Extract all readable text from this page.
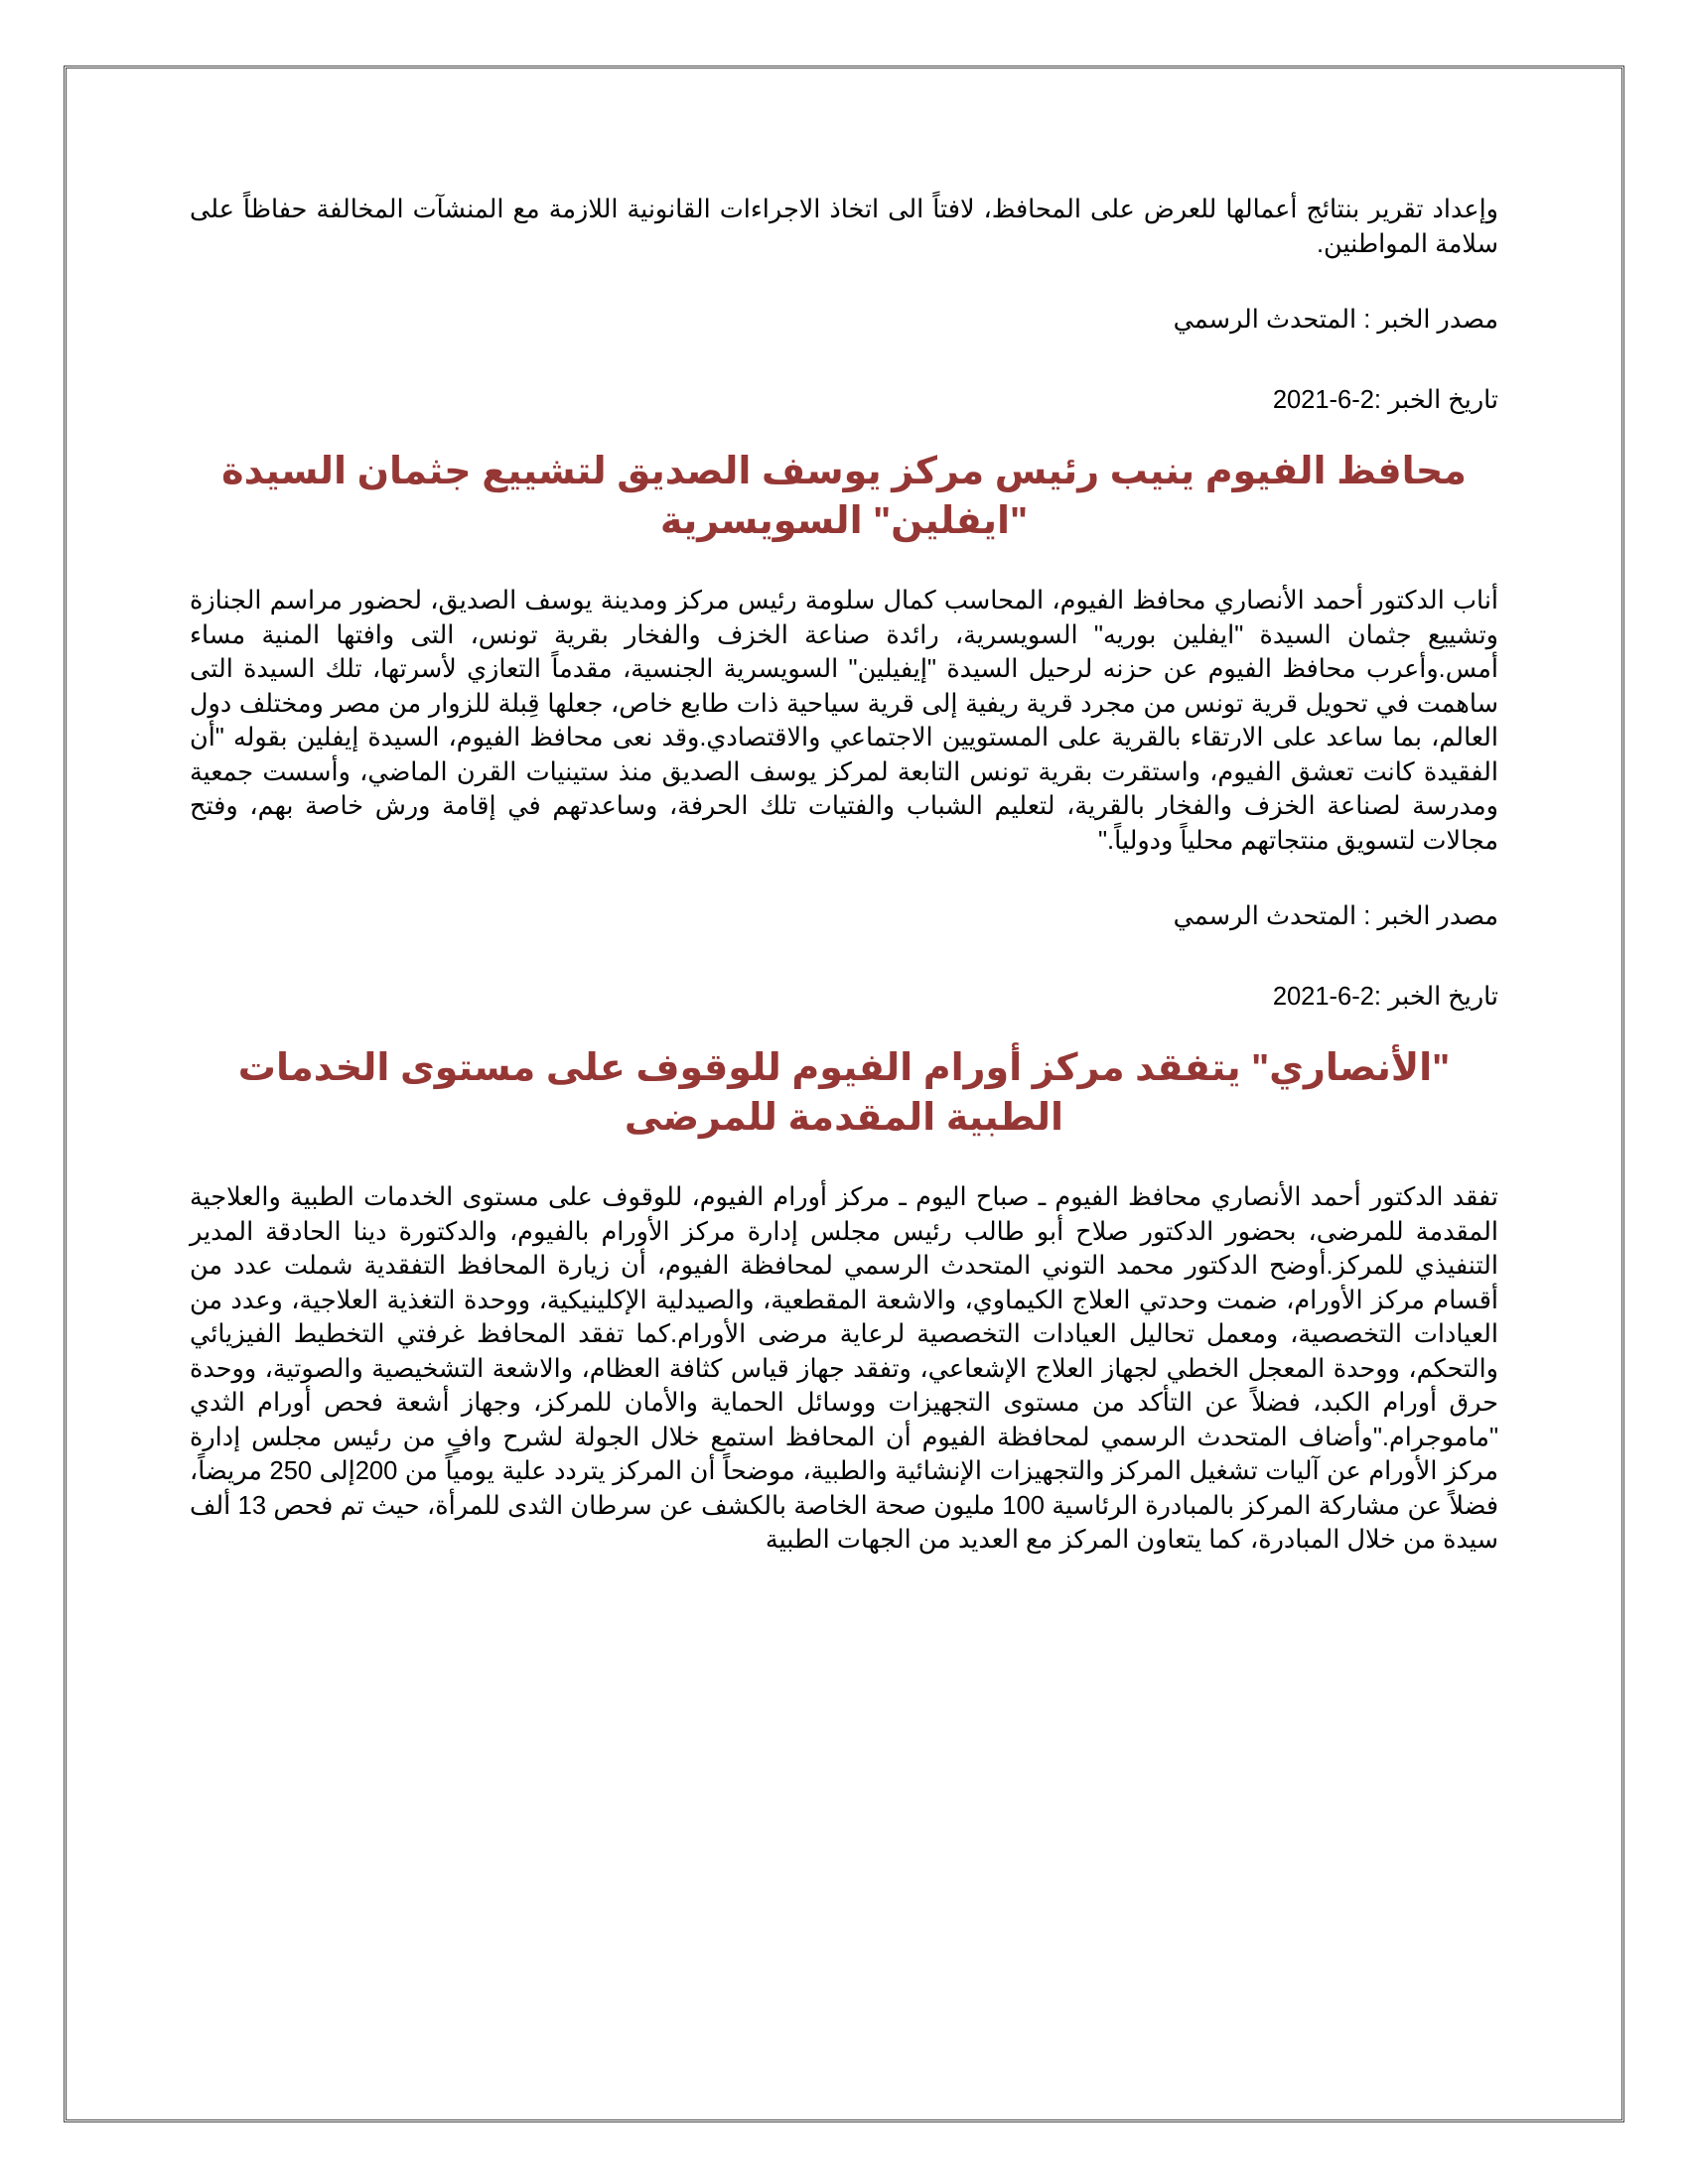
وإعداد تقرير بنتائج أعمالها للعرض على المحافظ، لافتاً الى اتخاذ الاجراءات القانونية اللازمة مع المنشآت المخالفة حفاظاً على سلامة المواطنين.

مصدر الخبر : المتحدث الرسمي

تاريخ الخبر :2-6-2021

محافظ الفيوم ينيب رئيس مركز يوسف الصديق لتشييع جثمان السيدة "ايفلين" السويسرية

أناب الدكتور أحمد الأنصاري محافظ الفيوم، المحاسب كمال سلومة رئيس مركز ومدينة يوسف الصديق، لحضور مراسم الجنازة وتشييع جثمان السيدة "ايفلين بوريه" السويسرية، رائدة صناعة الخزف والفخار بقرية تونس، التى وافتها المنية مساء أمس.وأعرب محافظ الفيوم عن حزنه لرحيل السيدة "إيفيلين" السويسرية الجنسية، مقدماً التعازي لأسرتها، تلك السيدة التى ساهمت في تحويل قرية تونس من مجرد قرية ريفية إلى قرية سياحية ذات طابع خاص، جعلها قِبلة للزوار من مصر ومختلف دول العالم، بما ساعد على الارتقاء بالقرية على المستويين الاجتماعي والاقتصادي.وقد نعى محافظ الفيوم، السيدة إيفلين بقوله "أن الفقيدة كانت تعشق الفيوم، واستقرت بقرية تونس التابعة لمركز يوسف الصديق منذ ستينيات القرن الماضي، وأسست جمعية ومدرسة لصناعة الخزف والفخار بالقرية، لتعليم الشباب والفتيات تلك الحرفة، وساعدتهم في إقامة ورش خاصة بهم، وفتح مجالات لتسويق منتجاتهم محلياً ودولياً."

مصدر الخبر : المتحدث الرسمي

تاريخ الخبر :2-6-2021

"الأنصاري" يتفقد مركز أورام الفيوم للوقوف على مستوى الخدمات الطبية المقدمة للمرضى

تفقد الدكتور أحمد الأنصاري محافظ الفيوم ـ صباح اليوم ـ مركز أورام الفيوم، للوقوف على مستوى الخدمات الطبية والعلاجية المقدمة للمرضى، بحضور الدكتور صلاح أبو طالب رئيس مجلس إدارة مركز الأورام بالفيوم، والدكتورة دينا الحادقة المدير التنفيذي للمركز.أوضح الدكتور محمد التوني المتحدث الرسمي لمحافظة الفيوم، أن زيارة المحافظ التفقدية شملت عدد من أقسام مركز الأورام، ضمت وحدتي العلاج الكيماوي، والاشعة المقطعية، والصيدلية الإكلينيكية، ووحدة التغذية العلاجية، وعدد من العيادات التخصصية، ومعمل تحاليل العيادات التخصصية لرعاية مرضى الأورام.كما تفقد المحافظ غرفتي التخطيط الفيزيائي والتحكم، ووحدة المعجل الخطي لجهاز العلاج الإشعاعي، وتفقد جهاز قياس كثافة العظام، والاشعة التشخيصية والصوتية، ووحدة حرق أورام الكبد، فضلاً عن التأكد من مستوى التجهيزات ووسائل الحماية والأمان للمركز، وجهاز أشعة فحص أورام الثدي "ماموجرام."وأضاف المتحدث الرسمي لمحافظة الفيوم أن المحافظ استمع خلال الجولة لشرح وافٍ من رئيس مجلس إدارة مركز الأورام عن آليات تشغيل المركز والتجهيزات الإنشائية والطبية، موضحاً أن المركز يتردد علية يومياً من 200إلى 250 مريضاً، فضلاً عن مشاركة المركز بالمبادرة الرئاسية 100 مليون صحة الخاصة بالكشف عن سرطان الثدى للمرأة، حيث تم فحص 13 ألف سيدة من خلال المبادرة، كما يتعاون المركز مع العديد من الجهات الطبية
